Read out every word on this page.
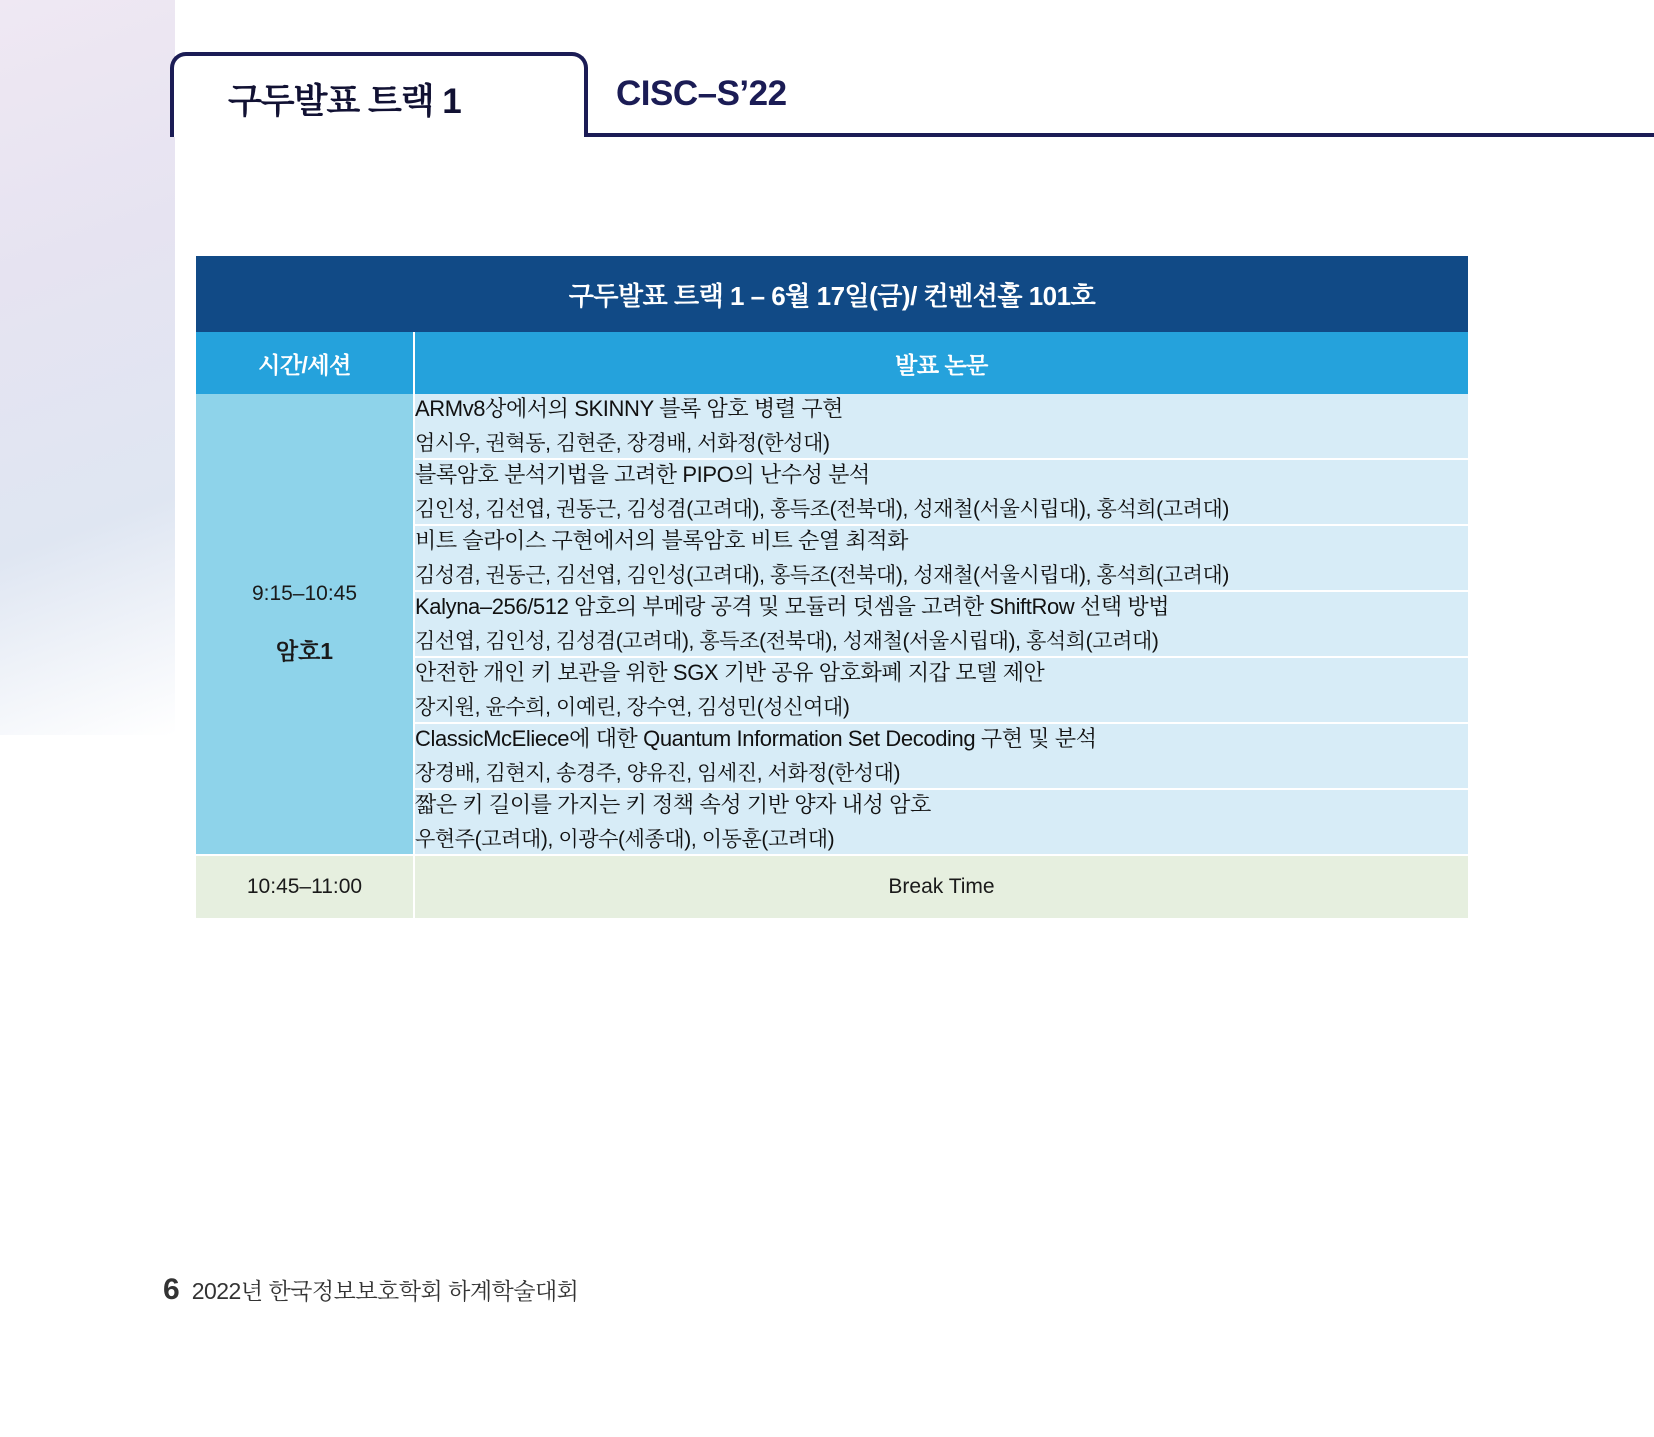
구두발표 트랙 1	CISC–S’22
구두발표 트랙 1 – 6월 17일(금)/ 컨벤션홀 101호	
시간/세션	발표 논문

9:15–10:45
암호1

ARMv8상에서의 SKINNY 블록 암호 병렬 구현
엄시우, 권혁동, 김현준, 장경배, 서화정(한성대)

	블록암호 분석기법을 고려한 PIPO의 난수성 분석
김인성, 김선엽, 권동근, 김성겸(고려대), 홍득조(전북대), 성재철(서울시립대), 홍석희(고려대)

	비트 슬라이스 구현에서의 블록암호 비트 순열 최적화
김성겸, 권동근, 김선엽, 김인성(고려대), 홍득조(전북대), 성재철(서울시립대), 홍석희(고려대)

	Kalyna–256/512 암호의 부메랑 공격 및 모듈러 덧셈을 고려한 ShiftRow 선택 방법
김선엽, 김인성, 김성겸(고려대), 홍득조(전북대), 성재철(서울시립대), 홍석희(고려대)

	안전한 개인 키 보관을 위한 SGX 기반 공유 암호화폐 지갑 모델 제안
장지원, 윤수희, 이예린, 장수연, 김성민(성신여대)

	ClassicMcEliece에 대한 Quantum Information Set Decoding 구현 및 분석
장경배, 김현지, 송경주, 양유진, 임세진, 서화정(한성대)

	짧은 키 길이를 가지는 키 정책 속성 기반 양자 내성 암호
우현주(고려대), 이광수(세종대), 이동훈(고려대)

10:45–11:00	Break Time
6 2022년 한국정보보호학회 하계학술대회
